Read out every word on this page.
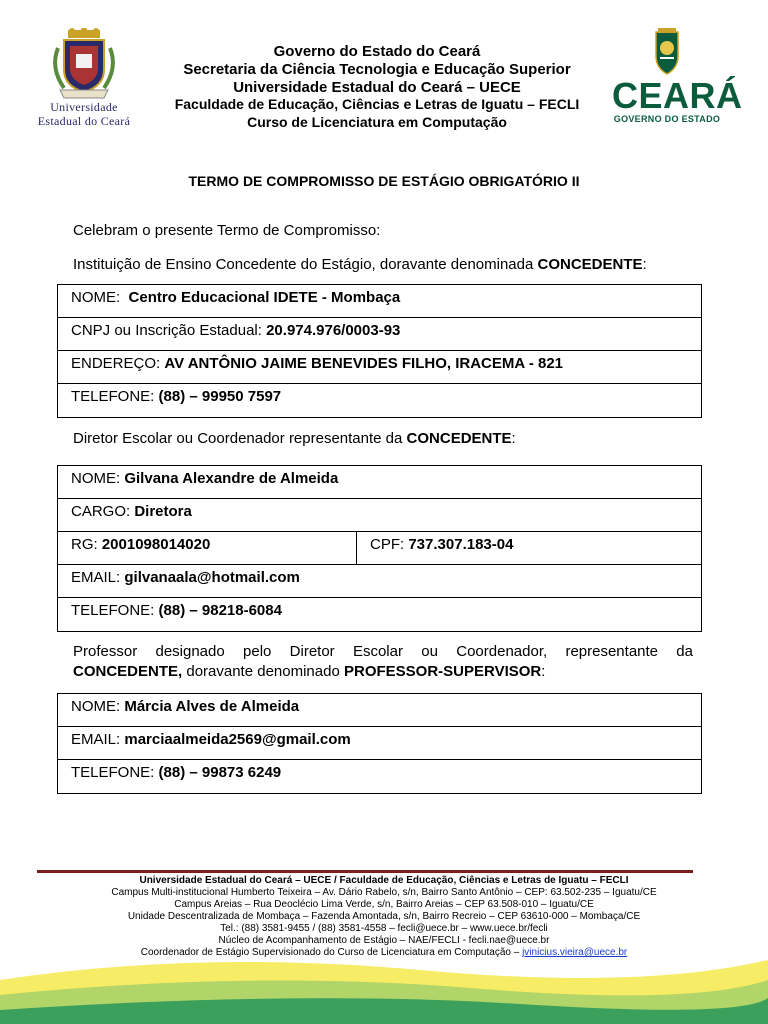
Universidade
Estadual do Ceará
Governo do Estado do Ceará
Secretaria da Ciência Tecnologia e Educação Superior
Universidade Estadual do Ceará – UECE
Faculdade de Educação, Ciências e Letras de Iguatu – FECLI
Curso de Licenciatura em Computação
CEARÁ
GOVERNO DO ESTADO
TERMO DE COMPROMISSO DE ESTÁGIO OBRIGATÓRIO II
Celebram o presente Termo de Compromisso:
Instituição de Ensino Concedente do Estágio, doravante denominada CONCEDENTE:
NOME:  Centro Educacional IDETE - Mombaça
CNPJ ou Inscrição Estadual: 20.974.976/0003-93
ENDEREÇO: AV ANTÔNIO JAIME BENEVIDES FILHO, IRACEMA - 821
TELEFONE: (88) – 99950 7597
Diretor Escolar ou Coordenador representante da CONCEDENTE:
NOME: Gilvana Alexandre de Almeida
CARGO: Diretora
RG: 2001098014020	CPF: 737.307.183-04
EMAIL: gilvanaala@hotmail.com
TELEFONE: (88) – 98218-6084
Professor designado pelo Diretor Escolar ou Coordenador, representante da CONCEDENTE, doravante denominado PROFESSOR-SUPERVISOR:
NOME: Márcia Alves de Almeida
EMAIL: marciaalmeida2569@gmail.com
TELEFONE: (88) – 99873 6249
Universidade Estadual do Ceará – UECE / Faculdade de Educação, Ciências e Letras de Iguatu – FECLI
Campus Multi-institucional Humberto Teixeira – Av. Dário Rabelo, s/n, Bairro Santo Antônio – CEP: 63.502-235 – Iguatu/CE
Campus Areias – Rua Deoclécio Lima Verde, s/n, Bairro Areias – CEP 63.508-010 – Iguatu/CE
Unidade Descentralizada de Mombaça – Fazenda Amontada, s/n, Bairro Recreio – CEP 63610-000 – Mombaça/CE
Tel.: (88) 3581-9455 / (88) 3581-4558 – fecli@uece.br – www.uece.br/fecli
Núcleo de Acompanhamento de Estágio – NAE/FECLI - fecli.nae@uece.br
Coordenador de Estágio Supervisionado do Curso de Licenciatura em Computação – jvinicius.vieira@uece.br
